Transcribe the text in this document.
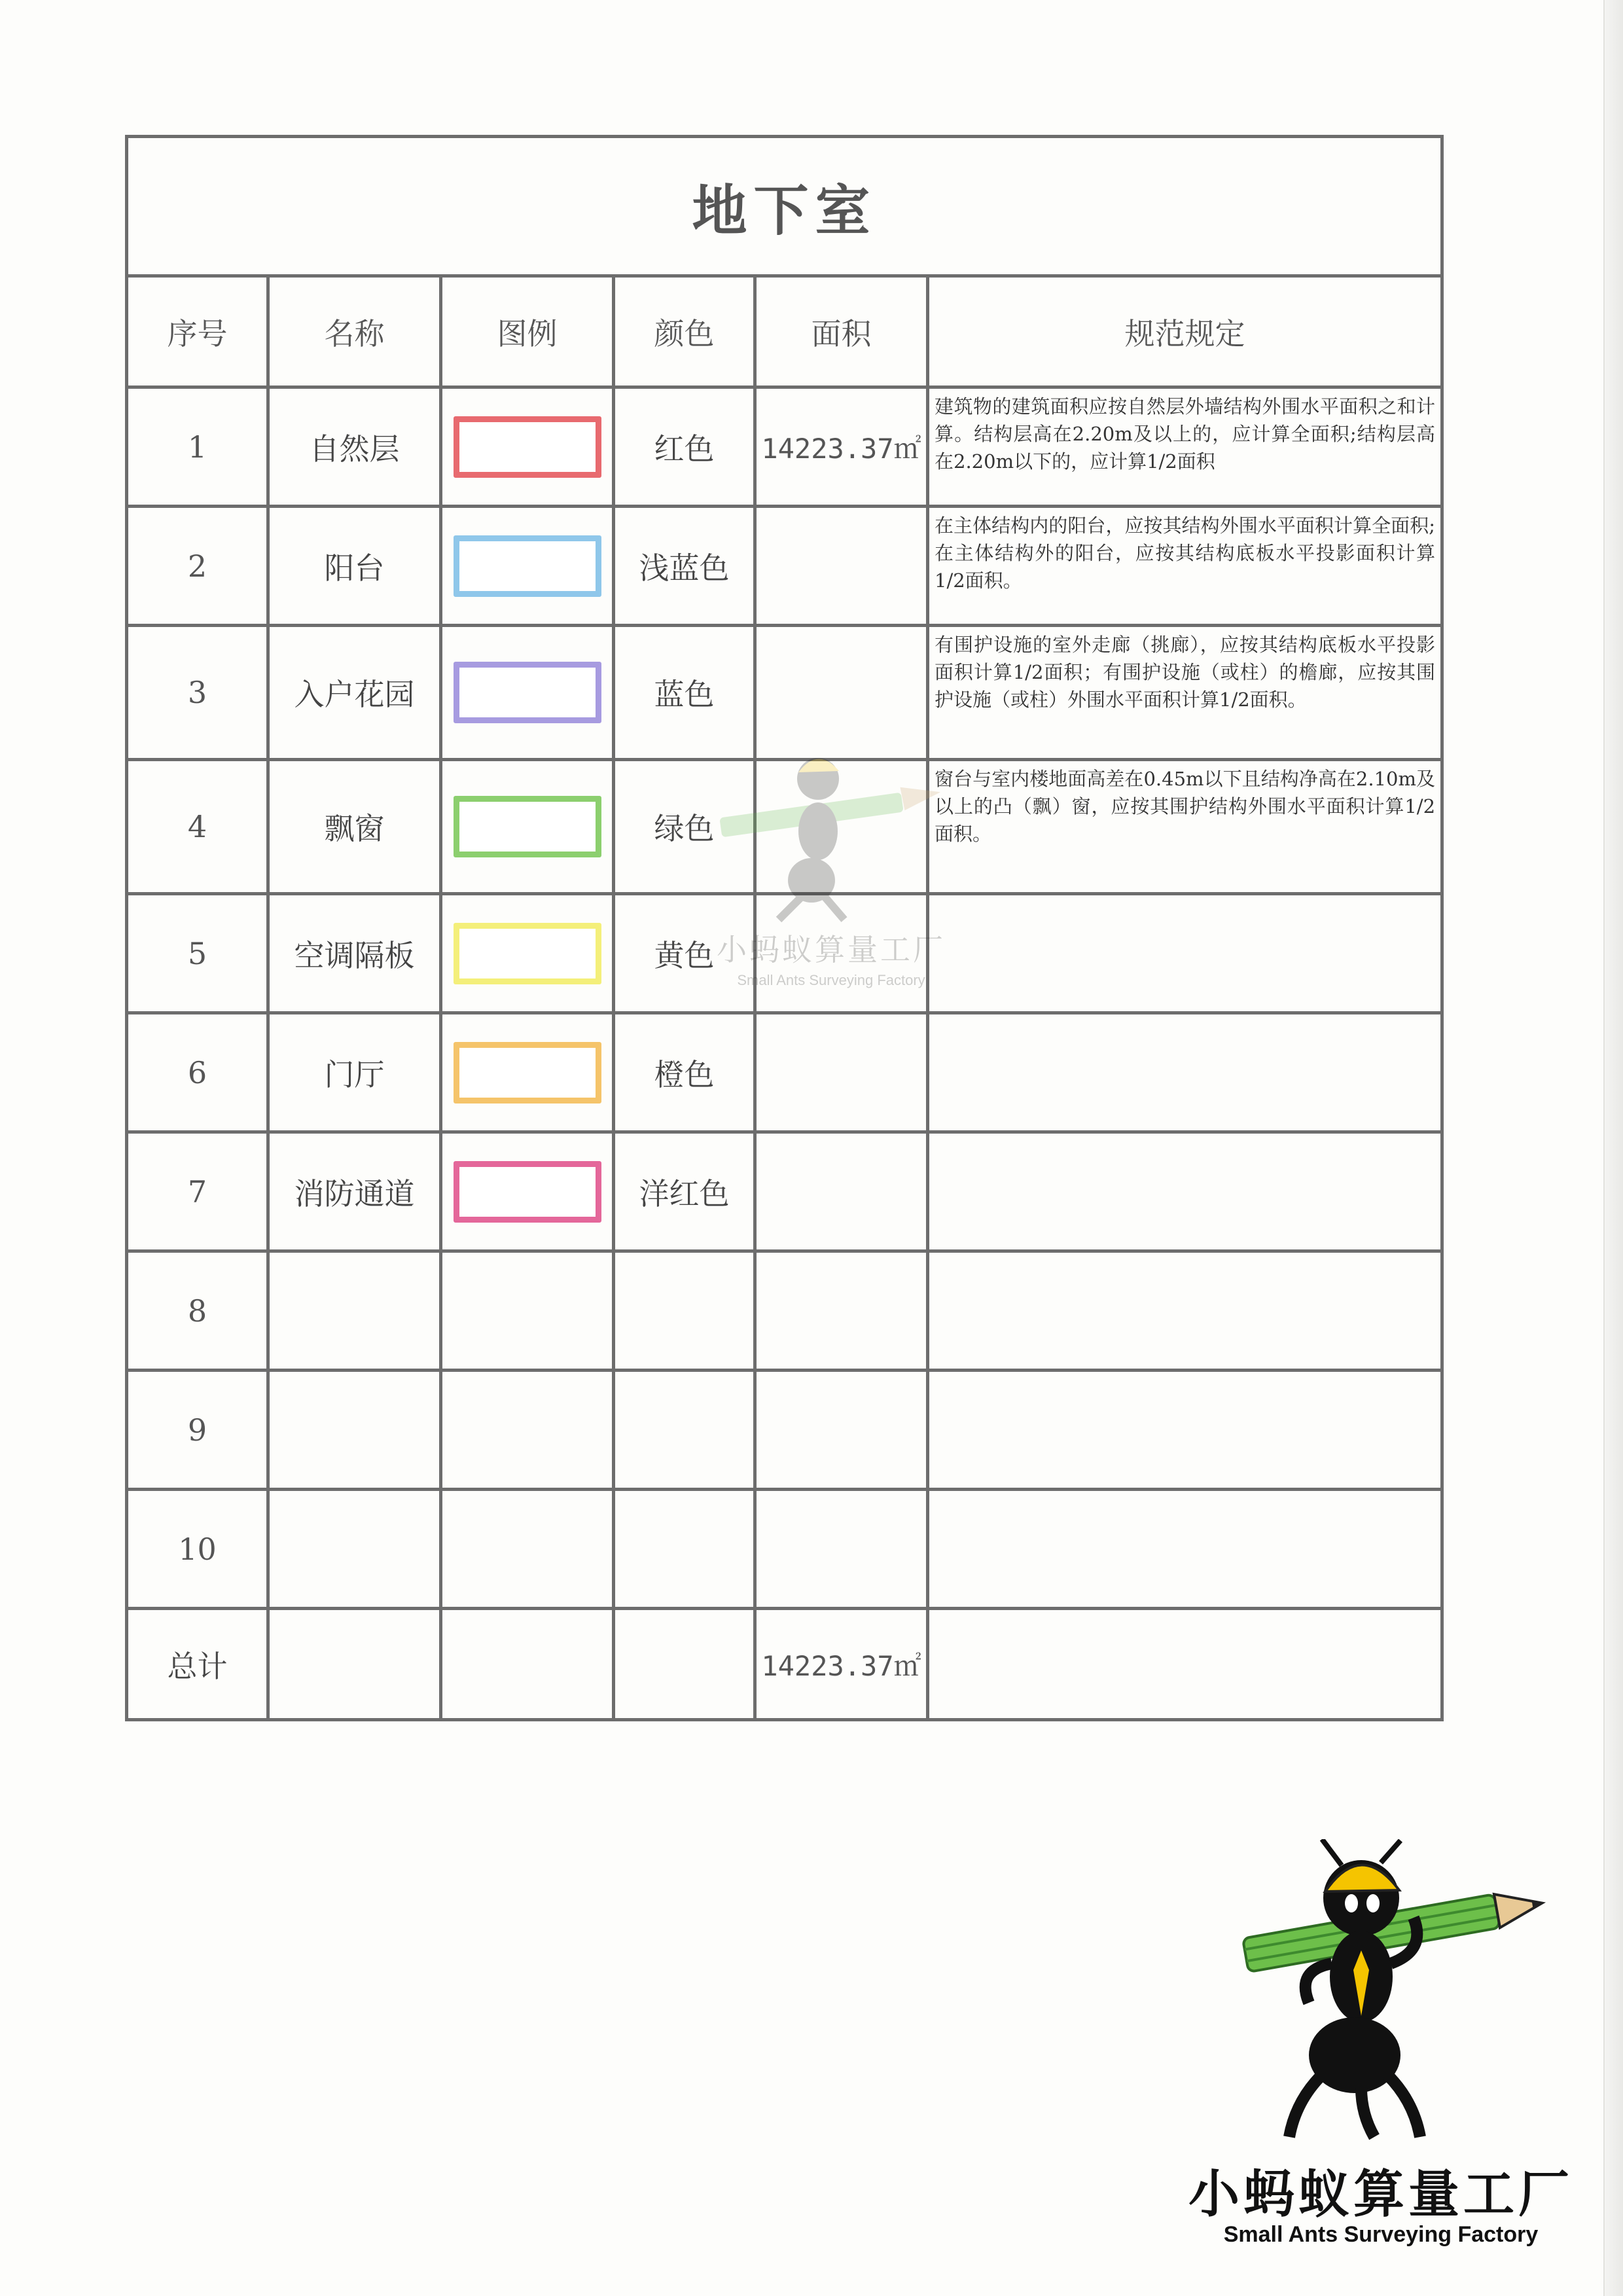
地下室					
序号	名称	图例	颜色	面积	规范规定
1	自然层		红色	14223.37㎡	建筑物的建筑面积应按自然层外墙结构外围水平面积之和计算。结构层高在2.20m及以上的，应计算全面积;结构层高在2.20m以下的，应计算1/2面积
2	阳台		浅蓝色		在主体结构内的阳台，应按其结构外围水平面积计算全面积;在主体结构外的阳台，应按其结构底板水平投影面积计算1/2面积。
3	入户花园		蓝色		有围护设施的室外走廊（挑廊），应按其结构底板水平投影面积计算1/2面积；有围护设施（或柱）的檐廊，应按其围护设施（或柱）外围水平面积计算1/2面积。
4	飘窗		绿色		窗台与室内楼地面高差在0.45m以下且结构净高在2.10m及以上的凸（飘）窗，应按其围护结构外围水平面积计算1/2面积。
5	空调隔板		黄色		
6	门厅		橙色		
7	消防通道		洋红色		
8					
9					
10					
总计				14223.37㎡	
小蚂蚁算量工厂
Small Ants Surveying Factory
小蚂蚁算量工厂
Small Ants Surveying Factory
